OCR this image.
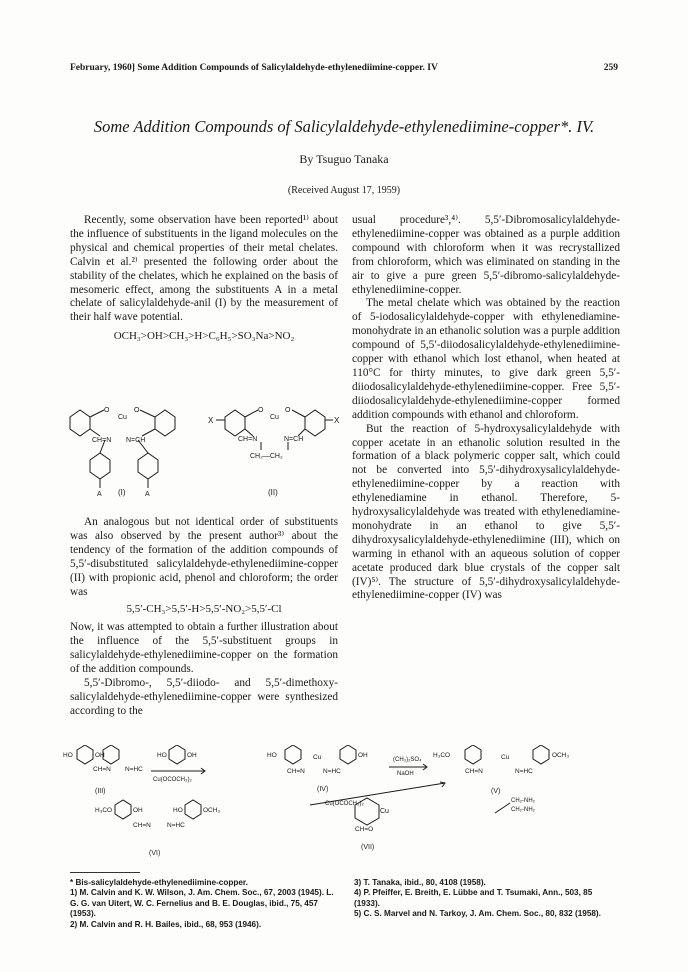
February, 1960] Some Addition Compounds of Salicylaldehyde-ethylenediimine-copper. IV	259
Some Addition Compounds of Salicylaldehyde-ethylenediimine-copper*. IV.
By Tsuguo Tanaka
(Received August 17, 1959)

Recently, some observation have been reported¹⁾ about the influence of substituents in the ligand molecules on the physical and chemical properties of their metal chelates. Calvin et al.²⁾ presented the following order about the stability of the chelates, which he explained on the basis of mesomeric effect, among the substituents A in a metal chelate of salicylaldehyde-anil (I) by the measurement of their half wave potential.

OCH₃>OH>CH₃>H>C₆H₅>SO₃Na>NO₂

O
Cu
O
CH=N N=CH
A	A
X	X
O
Cu
O
CH=N	N=CH
CH₂—CH₂
(I)	(II)

An analogous but not identical order of substituents was also observed by the present author³⁾ about the tendency of the formation of the addition compounds of 5,5′-disubstituted salicylaldehyde-ethylenediimine-copper (II) with propionic acid, phenol and chloroform; the order was

5,5′-CH₃>5,5′-H>5,5′-NO₂>5,5′-Cl

Now, it was attempted to obtain a further illustration about the influence of the 5,5′-substituent groups in salicylaldehyde-ethylenediimine-copper on the formation of the addition compounds.

5,5′-Dibromo-, 5,5′-diiodo- and 5,5′-dimethoxy-salicylaldehyde-ethylenediimine-copper were synthesized according to the

usual procedure³,⁴⁾. 5,5′-Dibromosalicylaldehyde-ethylenediimine-copper was obtained as a purple addition compound with chloroform when it was recrystallized from chloroform, which was eliminated on standing in the air to give a pure green 5,5′-dibromo-salicylaldehyde-ethylenediimine-copper.

The metal chelate which was obtained by the reaction of 5-iodosalicylaldehyde-copper with ethylenediamine-monohydrate in an ethanolic solution was a purple addition compound of 5,5′-diiodosalicylaldehyde-ethylenediimine-copper with ethanol which lost ethanol, when heated at 110°C for thirty minutes, to give dark green 5,5′-diiodosalicylaldehyde-ethylenediimine-copper. Free 5,5′-diiodosalicylaldehyde-ethylenediimine-copper formed addition compounds with ethanol and chloroform.

But the reaction of 5-hydroxysalicylaldehyde with copper acetate in an ethanolic solution resulted in the formation of a black polymeric copper salt, which could not be converted into 5,5′-dihydroxysalicylaldehyde-ethylenediimine-copper by a reaction with ethylenediamine in ethanol. Therefore, 5-hydroxysalicylaldehyde was treated with ethylenediamine-monohydrate in an ethanol to give 5,5′-dihydroxysalicylaldehyde-ethylenediimine (III), which on warming in ethanol with an aqueous solution of copper acetate produced dark blue crystals of the copper salt (IV)⁵⁾. The structure of 5,5′-dihydroxysalicylaldehyde-ethylenediimine-copper (IV) was

HO	OH
CH=N
HO	OH
N=HC
Cu(OCOCH₃)₂
(III)
HO	Cu	OH
CH=N	N=HC
(IV)
(CH₃)₂SO₄
NaOH
H₃CO	Cu	OCH₃
CH=N	N=HC
(V)
Cu(OCOCH₃)₂	CH₂-NH₂
CH₂-NH₂
H₃CO	OH	HO	OCH₃
CH=N N=HC
(VI)
Cu
CH=O
(VII)

* Bis-salicylaldehyde-ethylenediimine-copper.

1) M. Calvin and K. W. Wilson, J. Am. Chem. Soc., 67, 2003 (1945). L. G. G. van Uitert, W. C. Fernelius and B. E. Douglas, ibid., 75, 457 (1953).

2) M. Calvin and R. H. Bailes, ibid., 68, 953 (1946).

3) T. Tanaka, ibid., 80, 4108 (1958).

4) P. Pfeiffer, E. Breith, E. Lübbe and T. Tsumaki, Ann., 503, 85 (1933).

5) C. S. Marvel and N. Tarkoy, J. Am. Chem. Soc., 80, 832 (1958).
